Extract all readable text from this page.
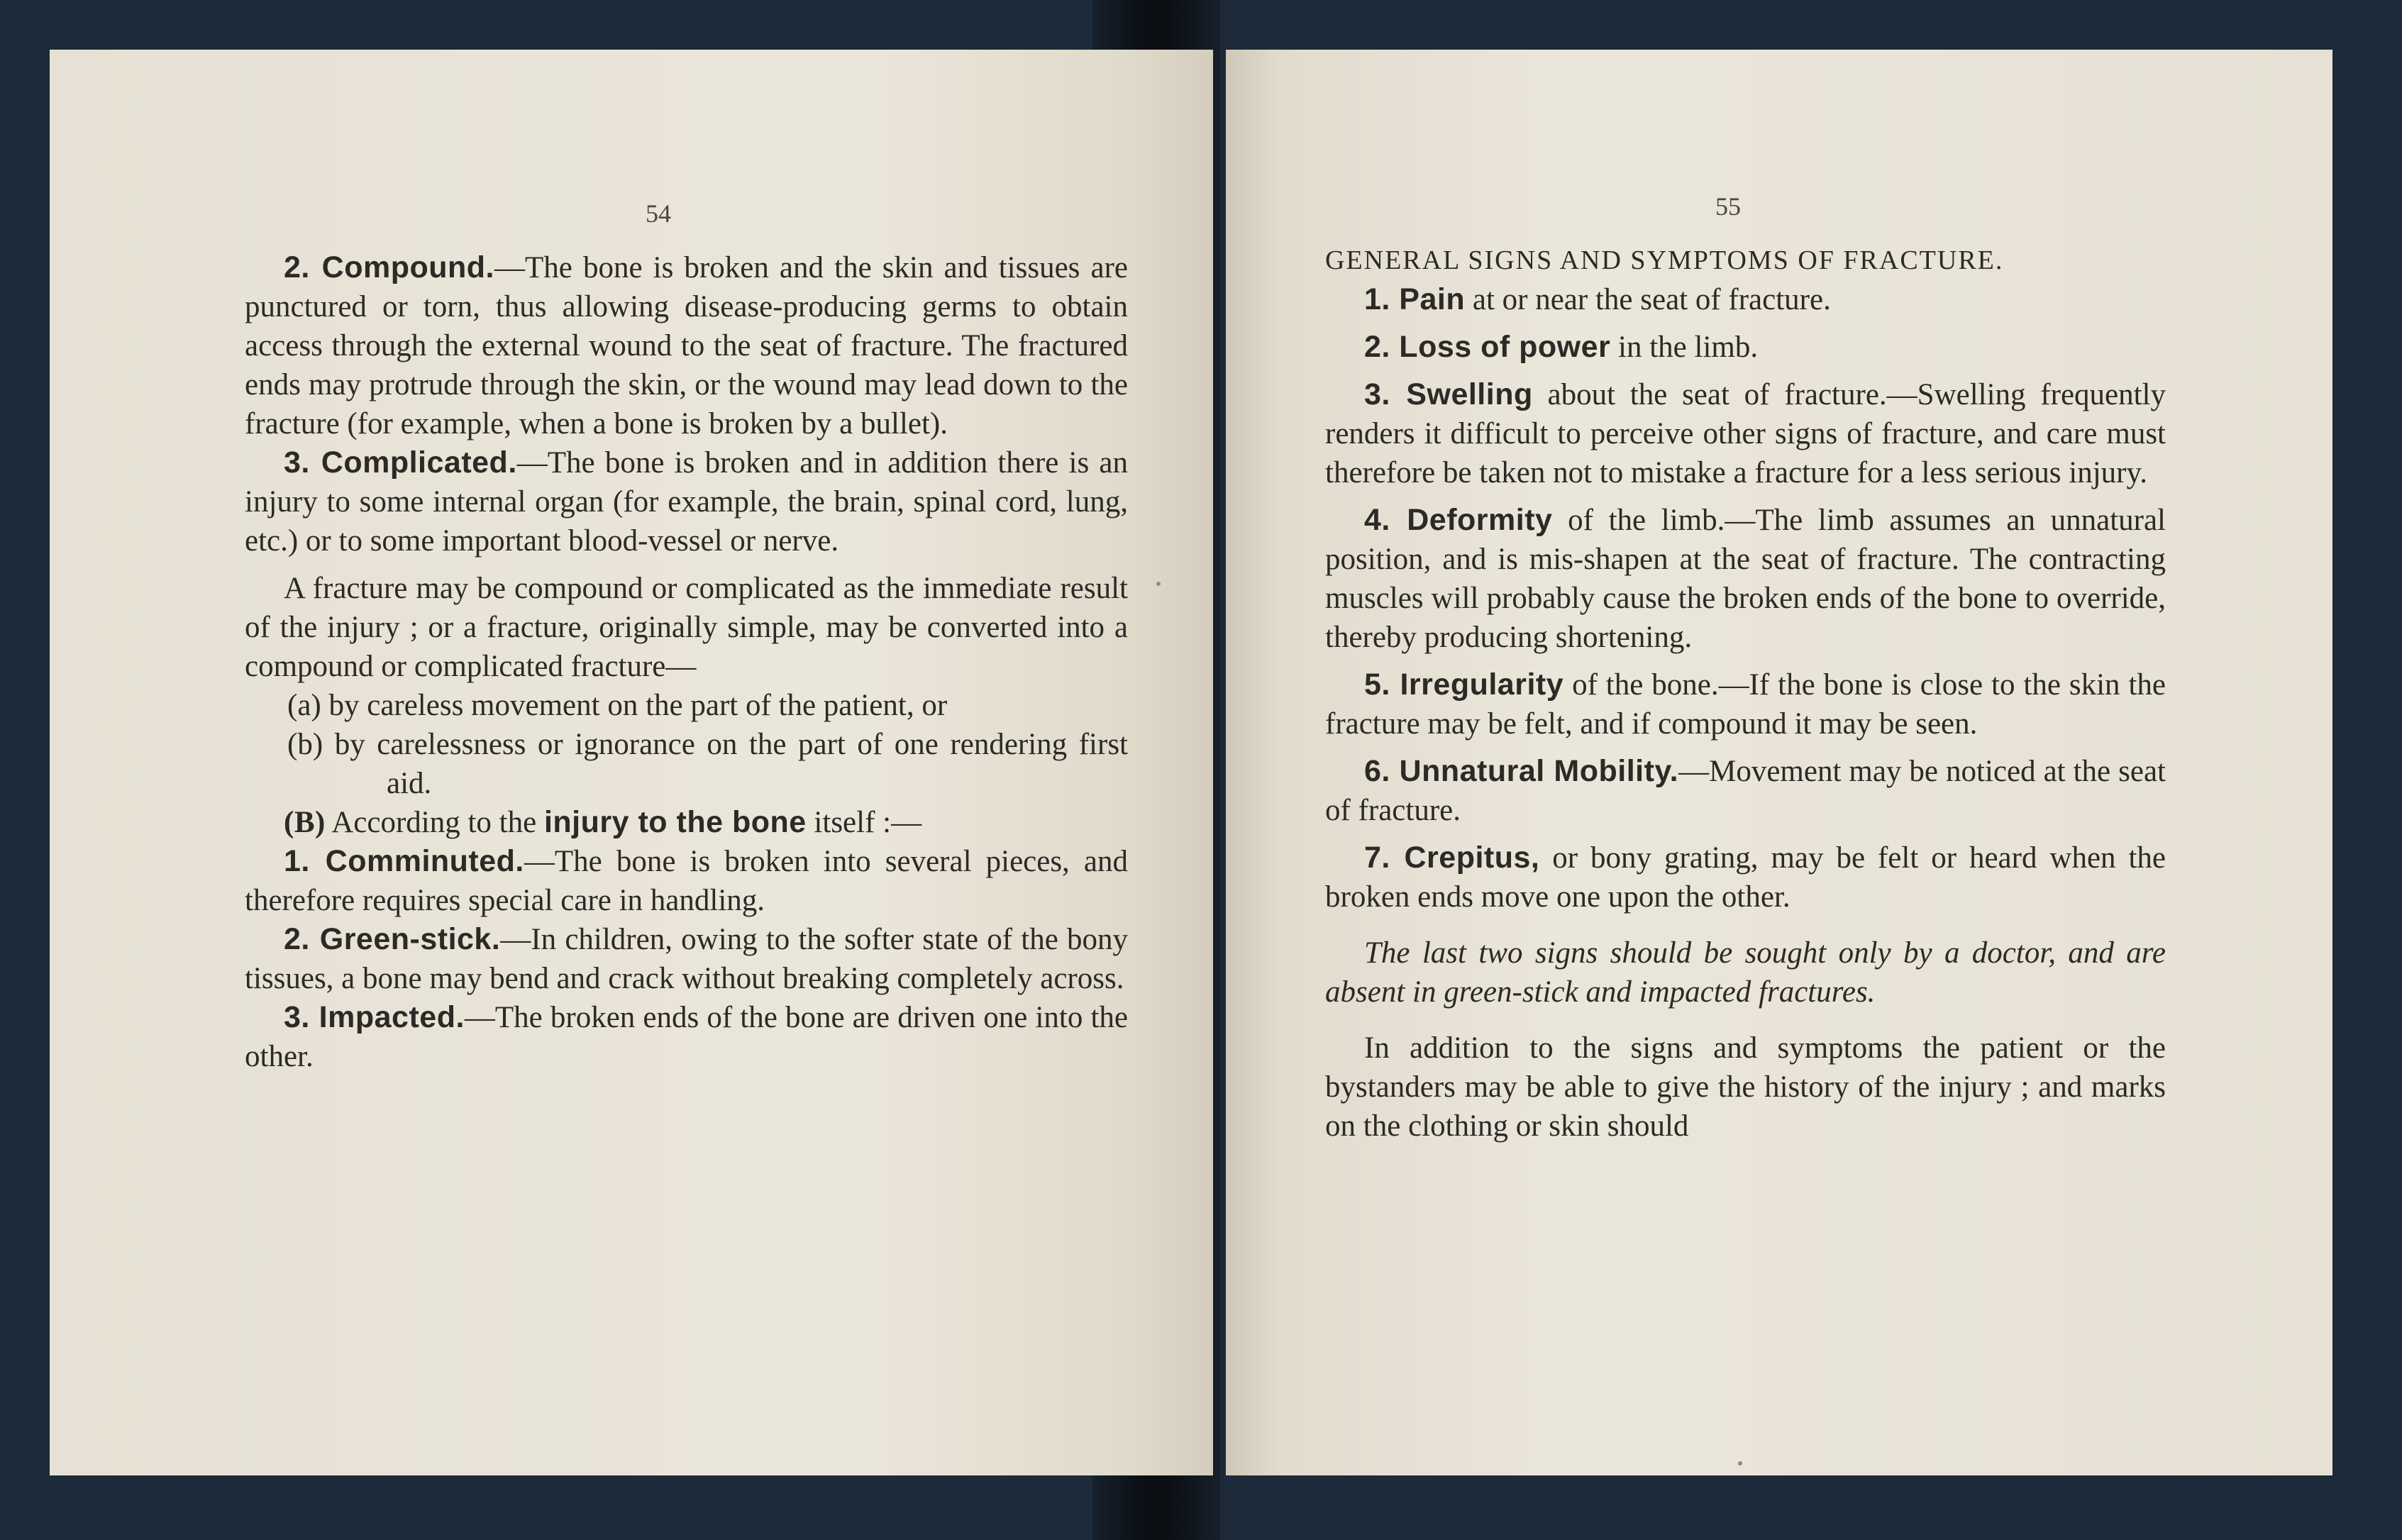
54

2. Compound.—The bone is broken and the skin and tissues are punctured or torn, thus allowing disease-producing germs to obtain access through the external wound to the seat of fracture. The fractured ends may protrude through the skin, or the wound may lead down to the fracture (for example, when a bone is broken by a bullet).

3. Complicated.—The bone is broken and in addition there is an injury to some internal organ (for example, the brain, spinal cord, lung, etc.) or to some important blood-vessel or nerve.

A fracture may be compound or complicated as the immediate result of the injury ; or a fracture, originally simple, may be converted into a compound or complicated fracture—

(a) by careless movement on the part of the patient, or

(b) by carelessness or ignorance on the part of one rendering first aid.

(B) According to the injury to the bone itself :—

1. Comminuted.—The bone is broken into several pieces, and therefore requires special care in handling.

2. Green-stick.—In children, owing to the softer state of the bony tissues, a bone may bend and crack without breaking completely across.

3. Impacted.—The broken ends of the bone are driven one into the other.

55

GENERAL SIGNS AND SYMPTOMS OF FRACTURE.

1. Pain at or near the seat of fracture.

2. Loss of power in the limb.

3. Swelling about the seat of fracture.—Swelling frequently renders it difficult to perceive other signs of fracture, and care must therefore be taken not to mistake a fracture for a less serious injury.

4. Deformity of the limb.—The limb assumes an unnatural position, and is mis-shapen at the seat of fracture. The contracting muscles will probably cause the broken ends of the bone to override, thereby producing shortening.

5. Irregularity of the bone.—If the bone is close to the skin the fracture may be felt, and if compound it may be seen.

6. Unnatural Mobility.—Movement may be noticed at the seat of fracture.

7. Crepitus, or bony grating, may be felt or heard when the broken ends move one upon the other.

The last two signs should be sought only by a doctor, and are absent in green-stick and impacted fractures.

In addition to the signs and symptoms the patient or the bystanders may be able to give the history of the injury ; and marks on the clothing or skin should
